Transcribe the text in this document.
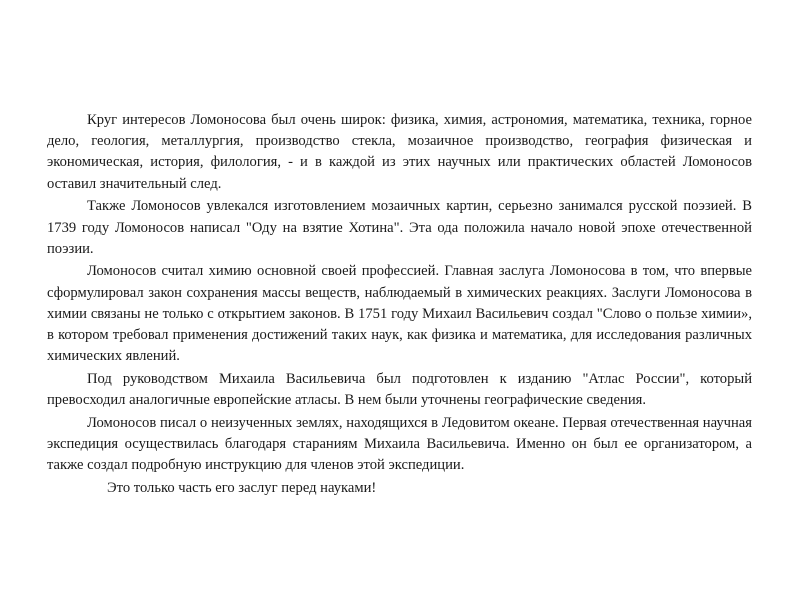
Круг интересов Ломоносова был очень широк: физика, химия, астрономия, математика, техника, горное дело, геология, металлургия, производство стекла, мозаичное производство, география физическая и экономическая, история, филология, - и в каждой из этих научных или практических областей Ломоносов оставил значительный след.

Также Ломоносов увлекался изготовлением мозаичных картин, серьезно занимался русской поэзией. В 1739 году Ломоносов написал "Оду на взятие Хотина". Эта ода положила начало новой эпохе отечественной поэзии.

Ломоносов считал химию основной своей профессией. Главная заслуга Ломоносова в том, что впервые сформулировал закон сохранения массы веществ, наблюдаемый в химических реакциях. Заслуги Ломоносова в химии связаны не только с открытием законов. В 1751 году Михаил Васильевич создал "Слово о пользе химии», в котором требовал применения достижений таких наук, как физика и математика, для исследования различных химических явлений.

Под руководством Михаила Васильевича был подготовлен к изданию "Атлас России", который превосходил аналогичные европейские атласы. В нем были уточнены географические сведения.

Ломоносов писал о неизученных землях, находящихся в Ледовитом океане. Первая отечественная научная экспедиция осуществилась благодаря стараниям Михаила Васильевича. Именно он был ее организатором, а также создал подробную инструкцию для членов этой экспедиции.

Это только часть его заслуг перед науками!
